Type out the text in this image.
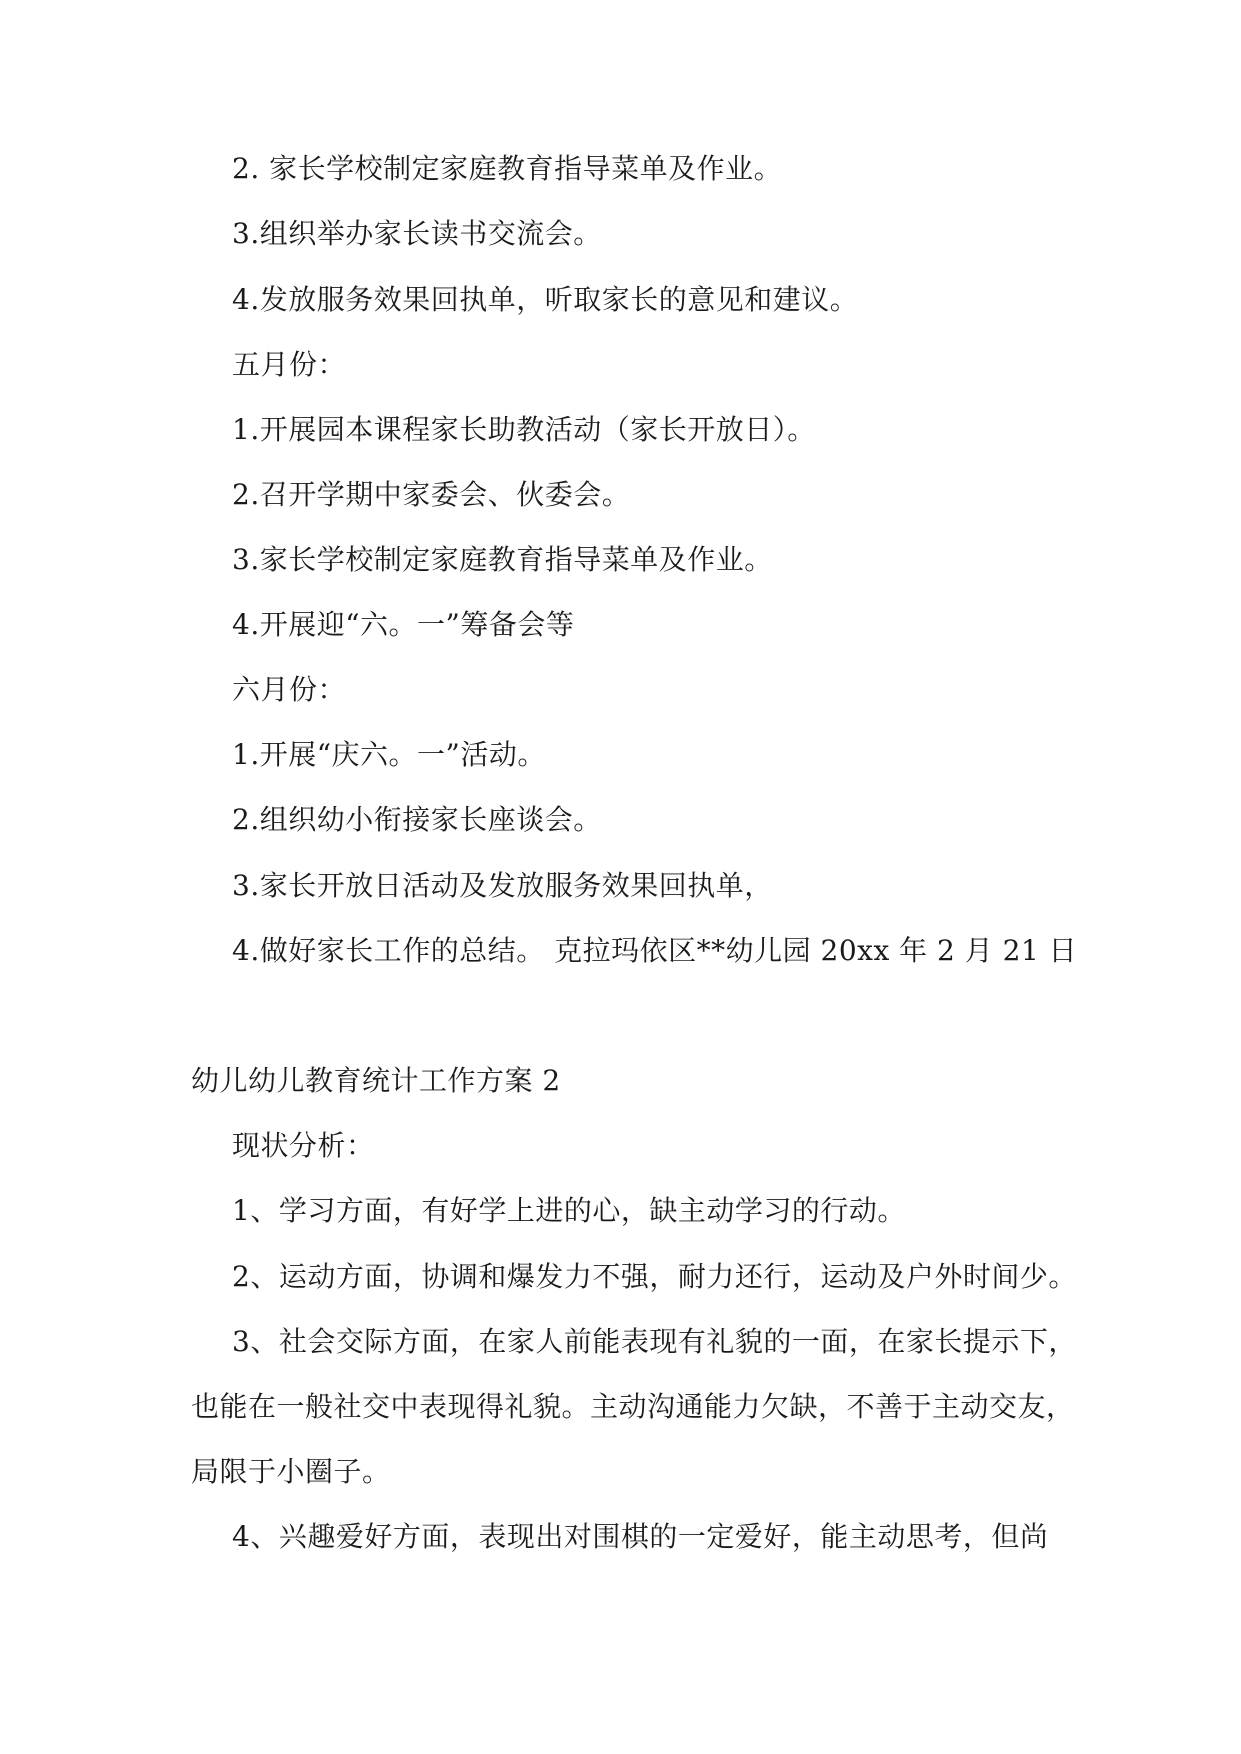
2. 家长学校制定家庭教育指导菜单及作业。
3.组织举办家长读书交流会。
4.发放服务效果回执单，听取家长的意见和建议。
五月份：
1.开展园本课程家长助教活动（家长开放日）。
2.召开学期中家委会、伙委会。
3.家长学校制定家庭教育指导菜单及作业。
4.开展迎“六。一”筹备会等
六月份：
1.开展“庆六。一”活动。
2.组织幼小衔接家长座谈会。
3.家长开放日活动及发放服务效果回执单，
4.做好家长工作的总结。 克拉玛依区**幼儿园 20xx 年 2 月 21 日
幼儿幼儿教育统计工作方案 2
现状分析：
1、学习方面，有好学上进的心，缺主动学习的行动。
2、运动方面，协调和爆发力不强，耐力还行，运动及户外时间少。
3、社会交际方面，在家人前能表现有礼貌的一面，在家长提示下，
也能在一般社交中表现得礼貌。主动沟通能力欠缺，不善于主动交友，
局限于小圈子。
4、兴趣爱好方面，表现出对围棋的一定爱好，能主动思考，但尚
